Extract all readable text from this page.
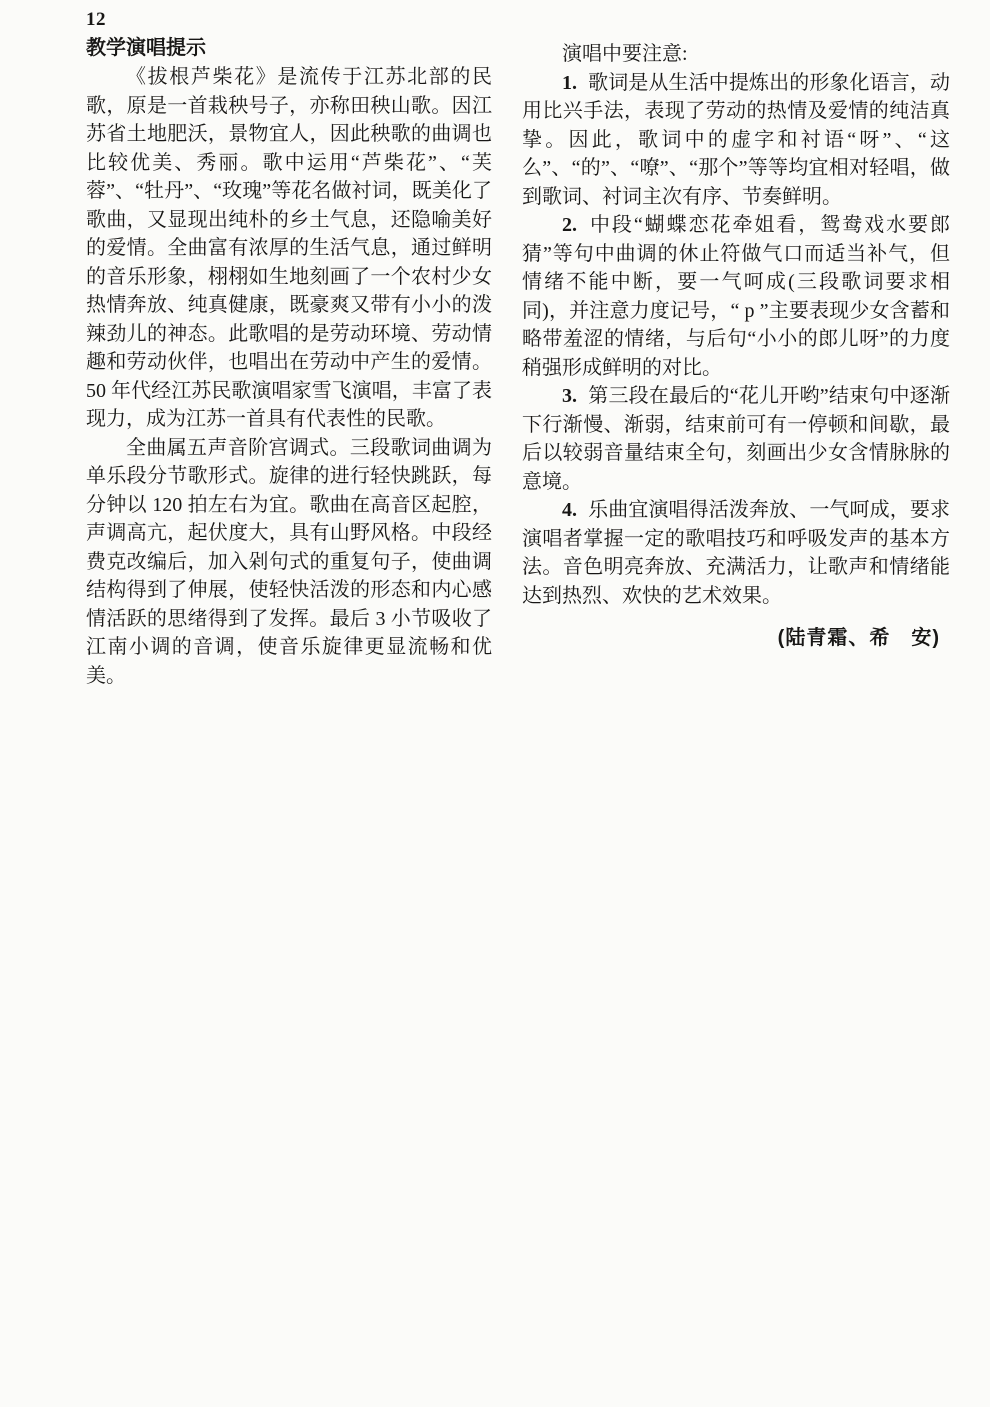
12
教学演唱提示

《拔根芦柴花》是流传于江苏北部的民歌，原是一首栽秧号子，亦称田秧山歌。因江苏省土地肥沃，景物宜人，因此秧歌的曲调也比较优美、秀丽。歌中运用“芦柴花”、“芙蓉”、“牡丹”、“玫瑰”等花名做衬词，既美化了歌曲，又显现出纯朴的乡土气息，还隐喻美好的爱情。全曲富有浓厚的生活气息，通过鲜明的音乐形象，栩栩如生地刻画了一个农村少女热情奔放、纯真健康，既豪爽又带有小小的泼辣劲儿的神态。此歌唱的是劳动环境、劳动情趣和劳动伙伴，也唱出在劳动中产生的爱情。 50 年代经江苏民歌演唱家雪飞演唱，丰富了表现力，成为江苏一首具有代表性的民歌。

全曲属五声音阶宫调式。三段歌词曲调为单乐段分节歌形式。旋律的进行轻快跳跃，每分钟以 120 拍左右为宜。歌曲在高音区起腔，声调高亢，起伏度大，具有山野风格。中段经费克改编后，加入剁句式的重复句子，使曲调结构得到了伸展，使轻快活泼的形态和内心感情活跃的思绪得到了发挥。最后 3 小节吸收了江南小调的音调，使音乐旋律更显流畅和优美。

演唱中要注意:

1. 歌词是从生活中提炼出的形象化语言，动用比兴手法，表现了劳动的热情及爱情的纯洁真挚。因此，歌词中的虚字和衬语“呀”、“这么”、“的”、“嘹”、“那个”等等均宜相对轻唱，做到歌词、衬词主次有序、节奏鲜明。

2. 中段“蝴蝶恋花牵姐看，鸳鸯戏水要郎猜”等句中曲调的休止符做气口而适当补气，但情绪不能中断，要一气呵成(三段歌词要求相同)，并注意力度记号，“ p ”主要表现少女含蓄和略带羞涩的情绪，与后句“小小的郎儿呀”的力度稍强形成鲜明的对比。

3. 第三段在最后的“花儿开哟”结束句中逐渐下行渐慢、渐弱，结束前可有一停顿和间歇，最后以较弱音量结束全句，刻画出少女含情脉脉的意境。

4. 乐曲宜演唱得活泼奔放、一气呵成，要求演唱者掌握一定的歌唱技巧和呼吸发声的基本方法。音色明亮奔放、充满活力，让歌声和情绪能达到热烈、欢快的艺术效果。

(陆青霜、希　安)
